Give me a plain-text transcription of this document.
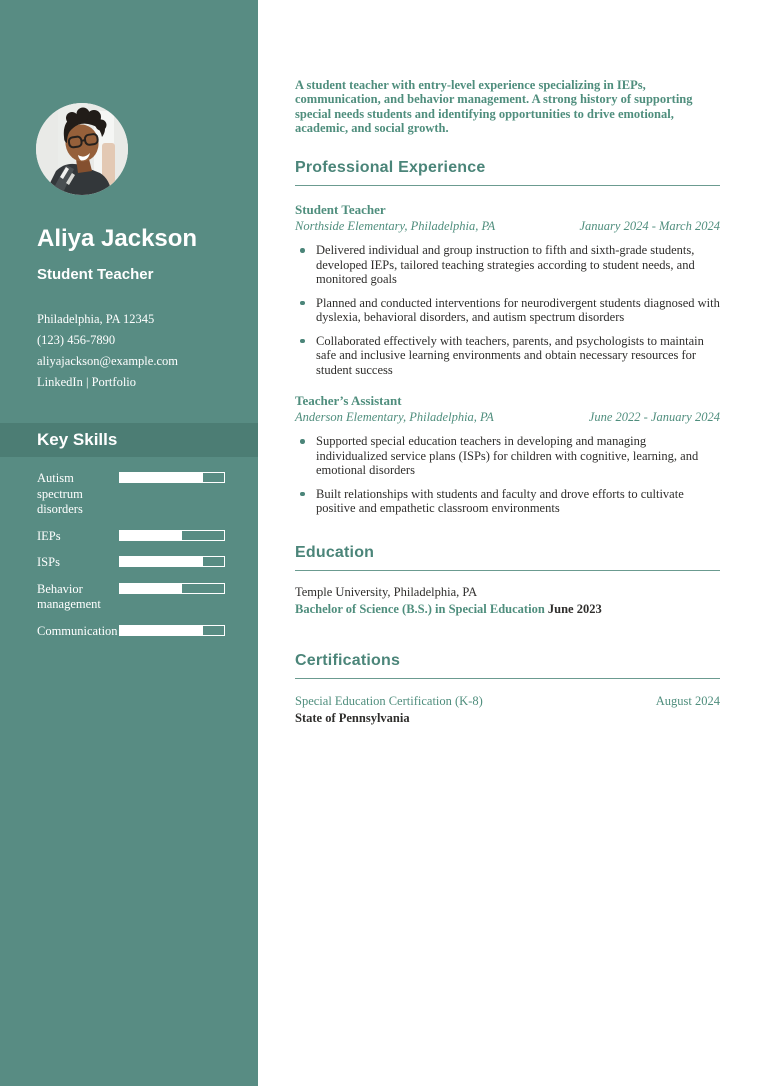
Aliya Jackson
Student Teacher
Philadelphia, PA 12345
(123) 456-7890
aliyajackson@example.com
LinkedIn | Portfolio
Key Skills
Autism spectrum disorders
IEPs
ISPs
Behavior management
Communication

A student teacher with entry-level experience specializing in IEPs, communication, and behavior management. A strong history of supporting special needs students and identifying opportunities to drive emotional, academic, and social growth.

Professional Experience
Student Teacher
Northside Elementary, Philadelphia, PA	January 2024 - March 2024
Delivered individual and group instruction to fifth and sixth-grade students, developed IEPs, tailored teaching strategies according to student needs, and monitored goals
Planned and conducted interventions for neurodivergent students diagnosed with dyslexia, behavioral disorders, and autism spectrum disorders
Collaborated effectively with teachers, parents, and psychologists to maintain safe and inclusive learning environments and obtain necessary resources for student success
Teacher’s Assistant
Anderson Elementary, Philadelphia, PA	June 2022 - January 2024
Supported special education teachers in developing and managing individualized service plans (ISPs) for children with cognitive, learning, and emotional disorders
Built relationships with students and faculty and drove efforts to cultivate positive and empathetic classroom environments
Education
Temple University, Philadelphia, PA
Bachelor of Science (B.S.) in Special Education June 2023
Certifications
Special Education Certification (K-8)	August 2024
State of Pennsylvania
